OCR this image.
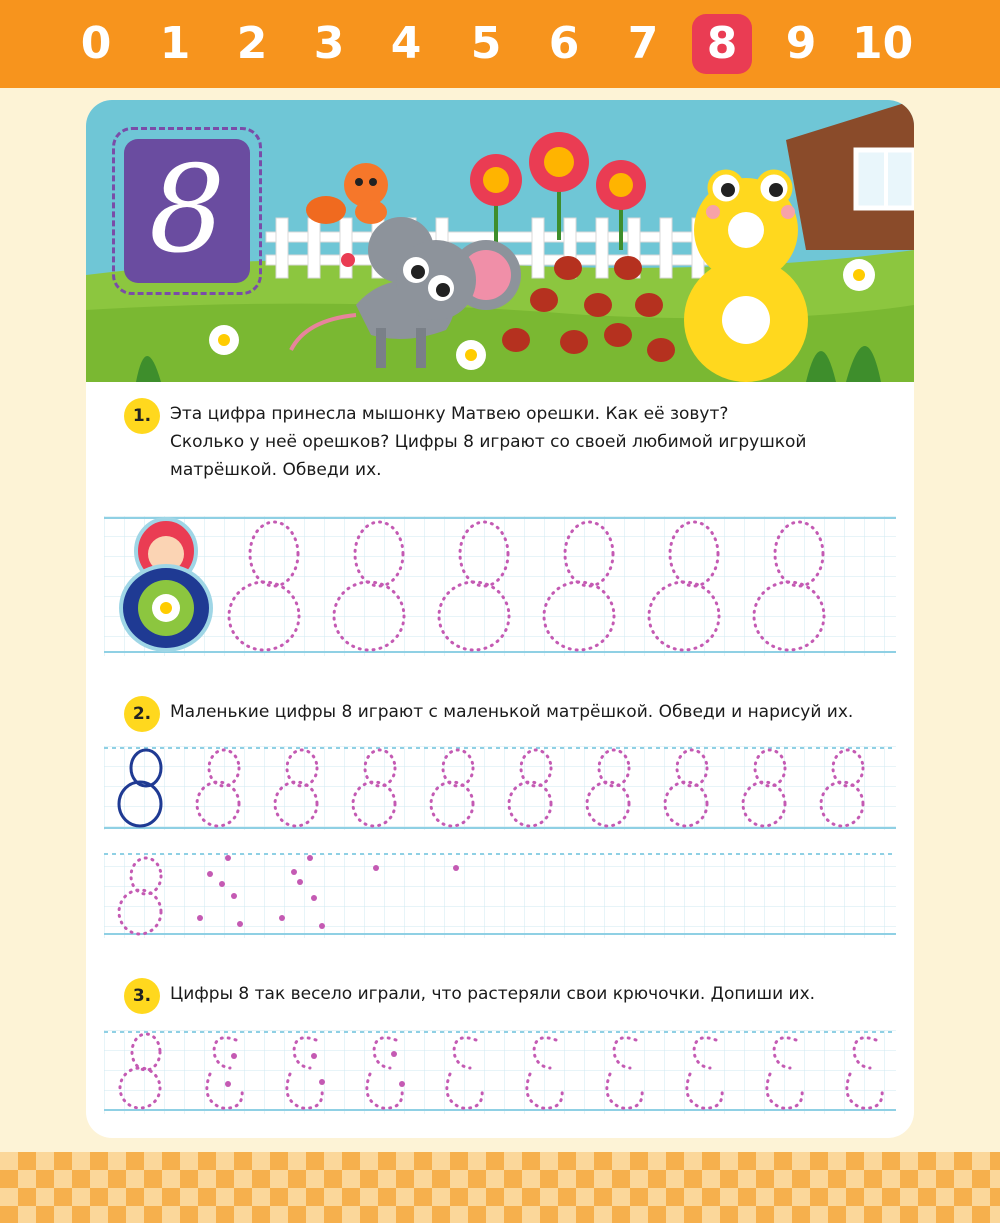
0	1	2	3	4	5	6	7	8	9 10
8
1.	Эта цифра принесла мышонку Матвею орешки. Как её зовут?
Сколько у неё орешков? Цифры 8 играют со своей любимой игрушкой
матрёшкой. Обведи их.
2.	Маленькие цифры 8 играют с маленькой матрёшкой. Обведи и нарисуй их.
3.	Цифры 8 так весело играли, что растеряли свои крючочки. Допиши их.
